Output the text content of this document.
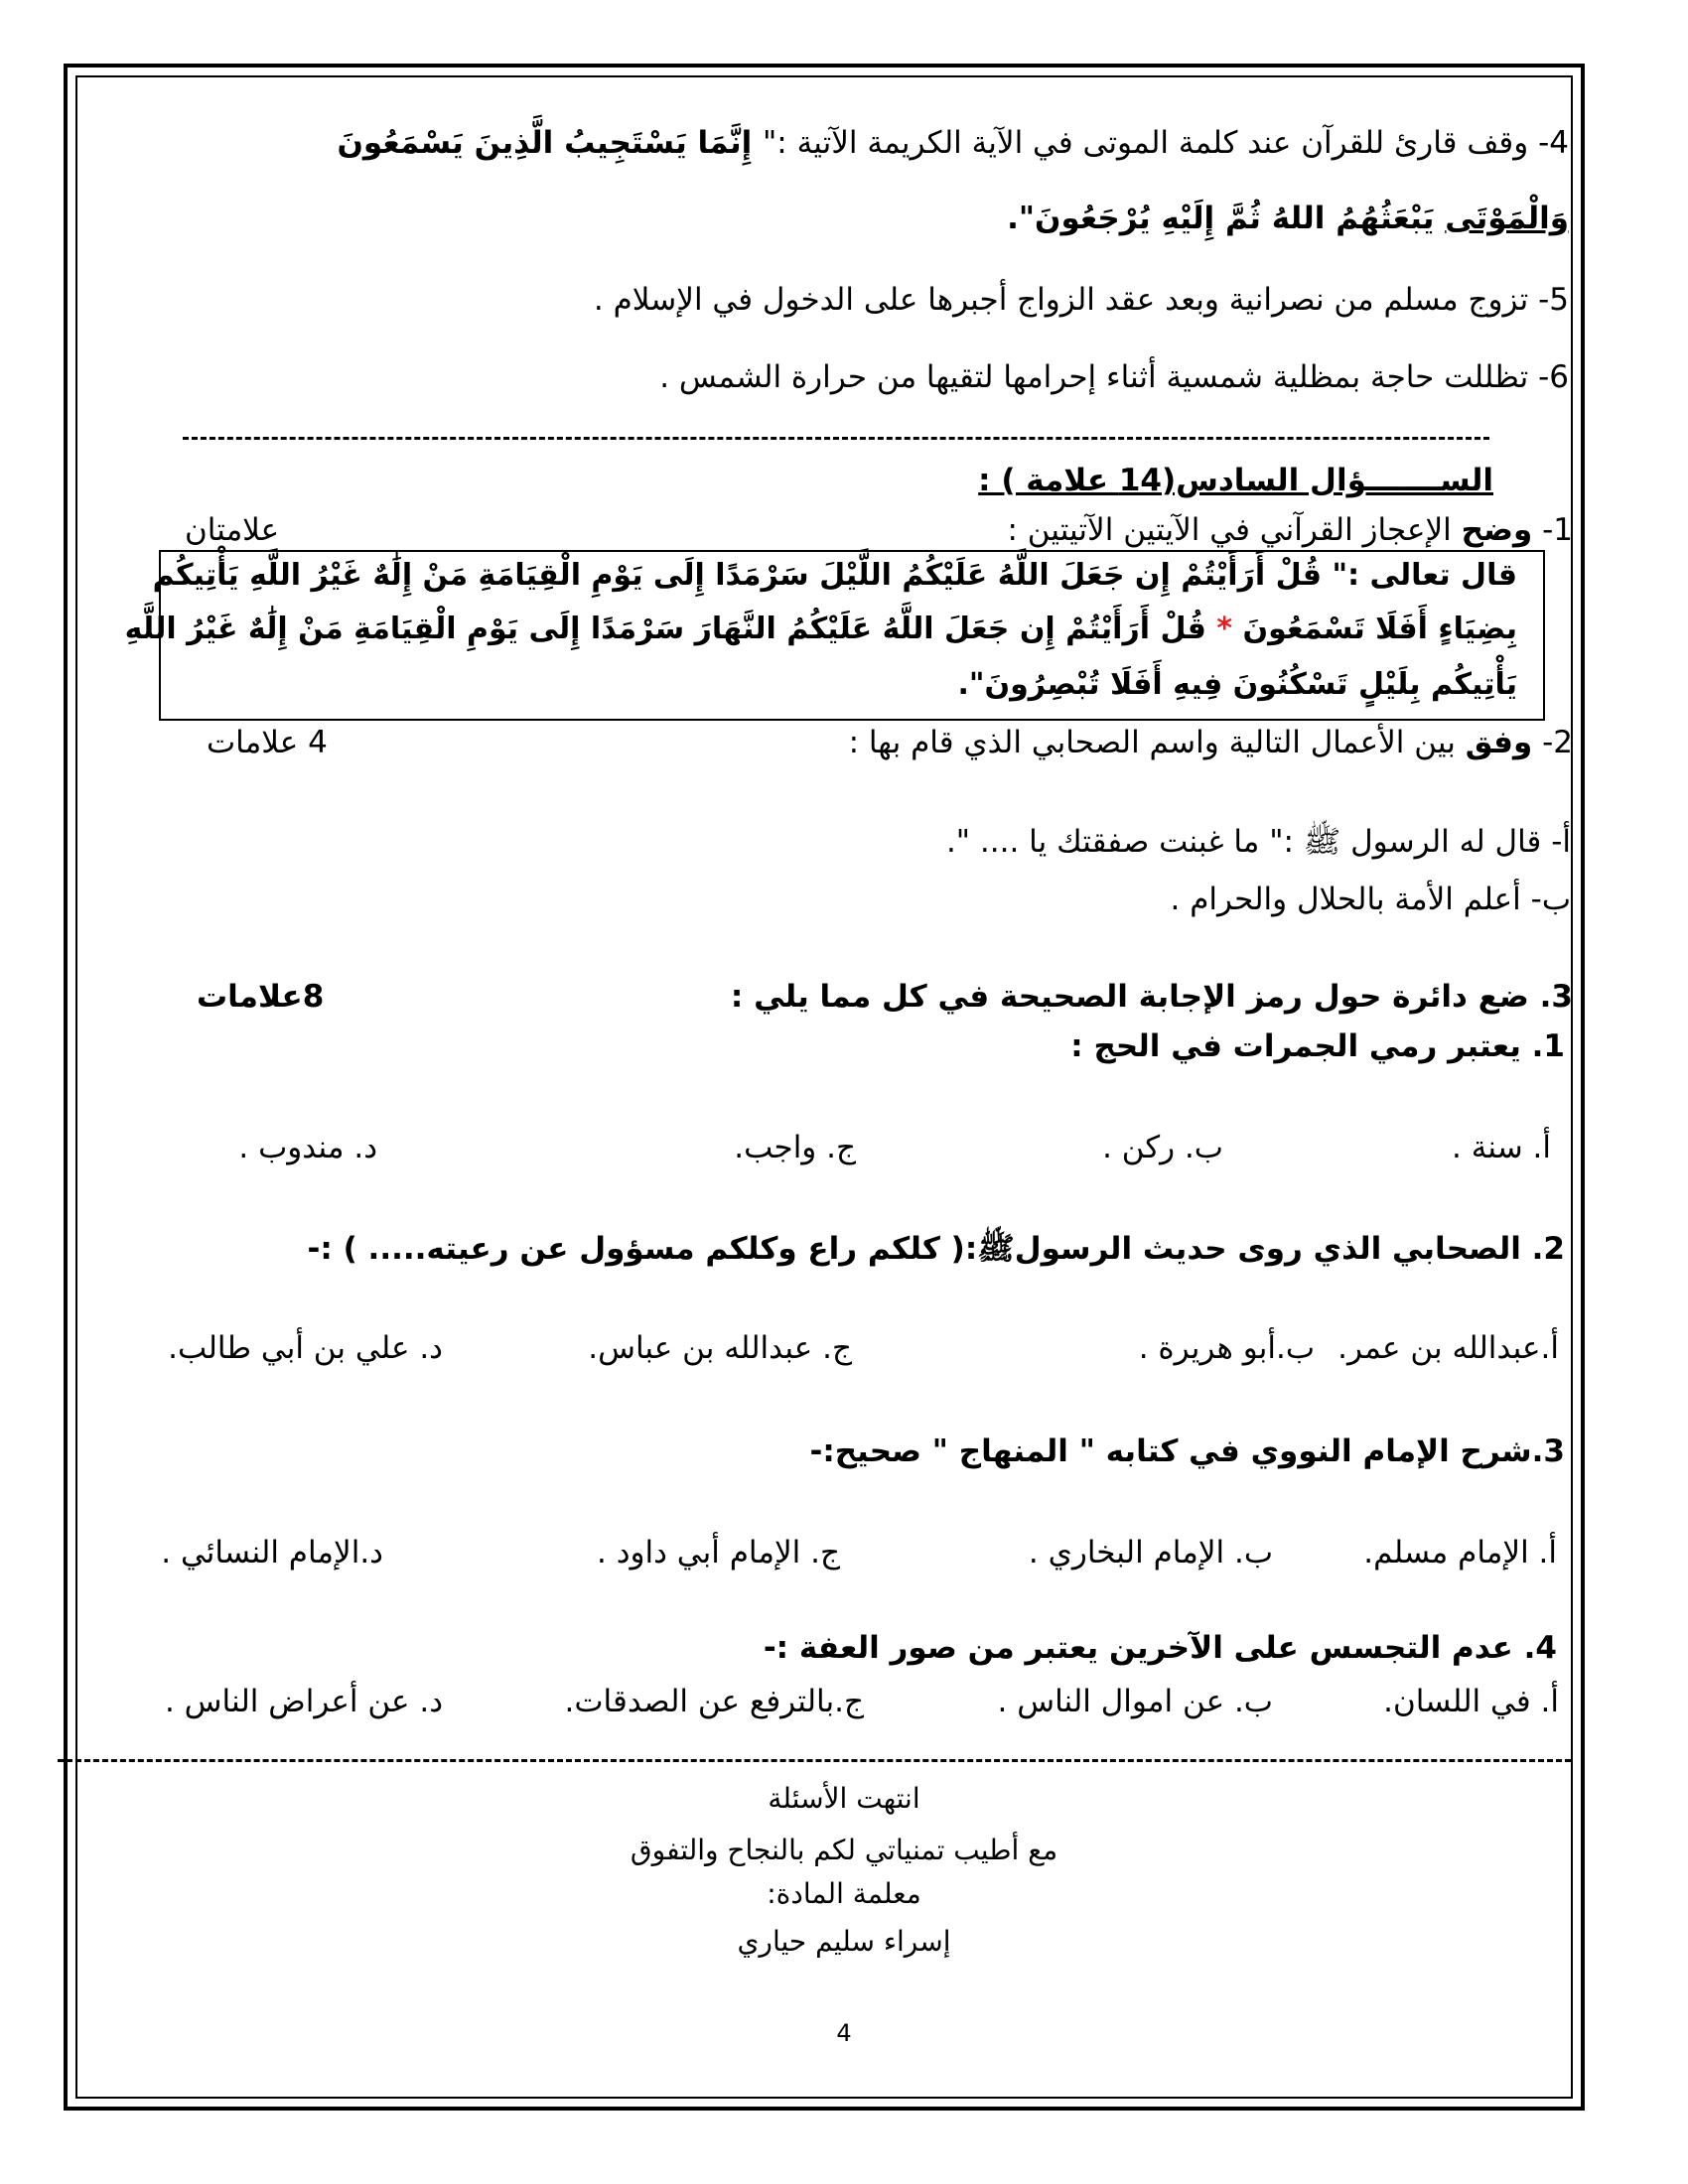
4- وقف قارئ للقرآن عند كلمة الموتى في الآية الكريمة الآتية :" إِنَّمَا يَسْتَجِيبُ الَّذِينَ يَسْمَعُونَ
وَالْمَوْتَى يَبْعَثُهُمُ اللهُ ثُمَّ إِلَيْهِ يُرْجَعُونَ".
5- تزوج مسلم من نصرانية وبعد عقد الزواج أجبرها على الدخول في الإسلام .
6- تظللت حاجة بمظلية شمسية أثناء إحرامها لتقيها من حرارة الشمس .
الســـــــؤال السادس(14 علامة ) :
1- وضح الإعجاز القرآني في الآيتين الآتيتين :
علامتان
قال تعالى :" قُلْ أَرَأَيْتُمْ إِن جَعَلَ اللَّهُ عَلَيْكُمُ اللَّيْلَ سَرْمَدًا إِلَى يَوْمِ الْقِيَامَةِ مَنْ إِلَٰهٌ غَيْرُ اللَّهِ يَأْتِيكُم
بِضِيَاءٍ أَفَلَا تَسْمَعُونَ * قُلْ أَرَأَيْتُمْ إِن جَعَلَ اللَّهُ عَلَيْكُمُ النَّهَارَ سَرْمَدًا إِلَى يَوْمِ الْقِيَامَةِ مَنْ إِلَٰهٌ غَيْرُ اللَّهِ
يَأْتِيكُم بِلَيْلٍ تَسْكُنُونَ فِيهِ أَفَلَا تُبْصِرُونَ".
2- وفق بين الأعمال التالية واسم الصحابي الذي قام بها :
4 علامات
أ- قال له الرسول ﷺ :" ما غبنت صفقتك يا .... ".
ب- أعلم الأمة بالحلال والحرام .
3. ضع دائرة حول رمز الإجابة الصحيحة في كل مما يلي :
8علامات
1. يعتبر رمي الجمرات في الحج :
أ. سنة .
ب. ركن .
ج. واجب.
د. مندوب .
2. الصحابي الذي روى حديث الرسولﷺ:( كلكم راع وكلكم مسؤول عن رعيته..... ) :-
أ.عبدالله بن عمر.
ب.أبو هريرة .
ج. عبدالله بن عباس.
د. علي بن أبي طالب.
3.شرح الإمام النووي في كتابه " المنهاج " صحيح:-
أ. الإمام مسلم.
ب. الإمام البخاري .
ج. الإمام أبي داود .
د.الإمام النسائي .
4. عدم التجسس على الآخرين يعتبر من صور العفة :-
أ. في اللسان.
ب. عن اموال الناس .
ج.بالترفع عن الصدقات.
د. عن أعراض الناس .
انتهت الأسئلة
مع أطيب تمنياتي لكم بالنجاح والتفوق
معلمة المادة:
إسراء سليم حياري
4
